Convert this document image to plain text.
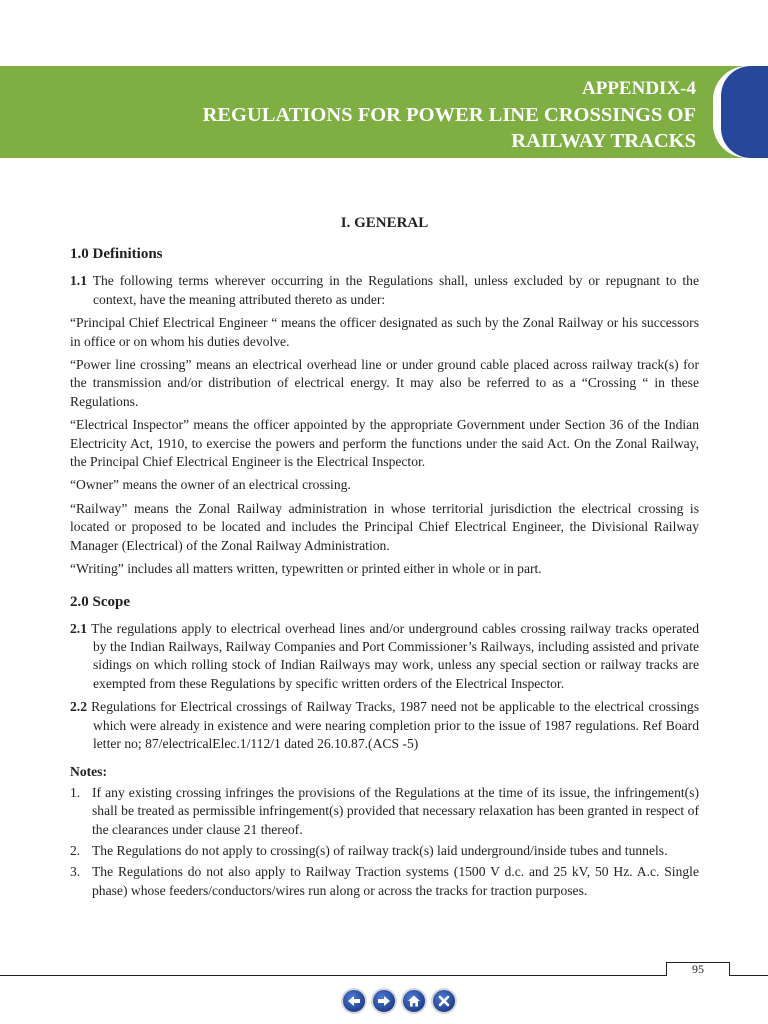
APPENDIX-4
REGULATIONS FOR POWER LINE CROSSINGS OF
RAILWAY TRACKS
I. GENERAL
1.0 Definitions

1.1 The following terms wherever occurring in the Regulations shall, unless excluded by or repugnant to the context, have the meaning attributed thereto as under:

“Principal Chief Electrical Engineer “ means the officer designated as such by the Zonal Railway or his successors in office or on whom his duties devolve.

“Power line crossing” means an electrical overhead line or under ground cable placed across railway track(s) for the transmission and/or distribution of electrical energy. It may also be referred to as a “Crossing “ in these Regulations.

“Electrical Inspector” means the officer appointed by the appropriate Government under Section 36 of the Indian Electricity Act, 1910, to exercise the powers and perform the functions under the said Act. On the Zonal Railway, the Principal Chief Electrical Engineer is the Electrical Inspector.

“Owner” means the owner of an electrical crossing.

“Railway” means the Zonal Railway administration in whose territorial jurisdiction the electrical crossing is located or proposed to be located and includes the Principal Chief Electrical Engineer, the Divisional Railway Manager (Electrical) of the Zonal Railway Administration.

“Writing” includes all matters written, typewritten or printed either in whole or in part.

2.0 Scope

2.1 The regulations apply to electrical overhead lines and/or underground cables crossing railway tracks operated by the Indian Railways, Railway Companies and Port Commissioner’s Railways, including assisted and private sidings on which rolling stock of Indian Railways may work, unless any special section or railway tracks are exempted from these Regulations by specific written orders of the Electrical Inspector.

2.2 Regulations for Electrical crossings of Railway Tracks, 1987 need not be applicable to the electrical crossings which were already in existence and were nearing completion prior to the issue of 1987 regulations. Ref Board letter no; 87/electricalElec.1/112/1 dated 26.10.87.(ACS -5)

Notes:
1. If any existing crossing infringes the provisions of the Regulations at the time of its issue, the infringement(s) shall be treated as permissible infringement(s) provided that necessary relaxation has been granted in respect of the clearances under clause 21 thereof.
2. The Regulations do not apply to crossing(s) of railway track(s) laid underground/inside tubes and tunnels.
3. The Regulations do not also apply to Railway Traction systems (1500 V d.c. and 25 kV, 50 Hz. A.c. Single phase) whose feeders/conductors/wires run along or across the tracks for traction purposes.
95
